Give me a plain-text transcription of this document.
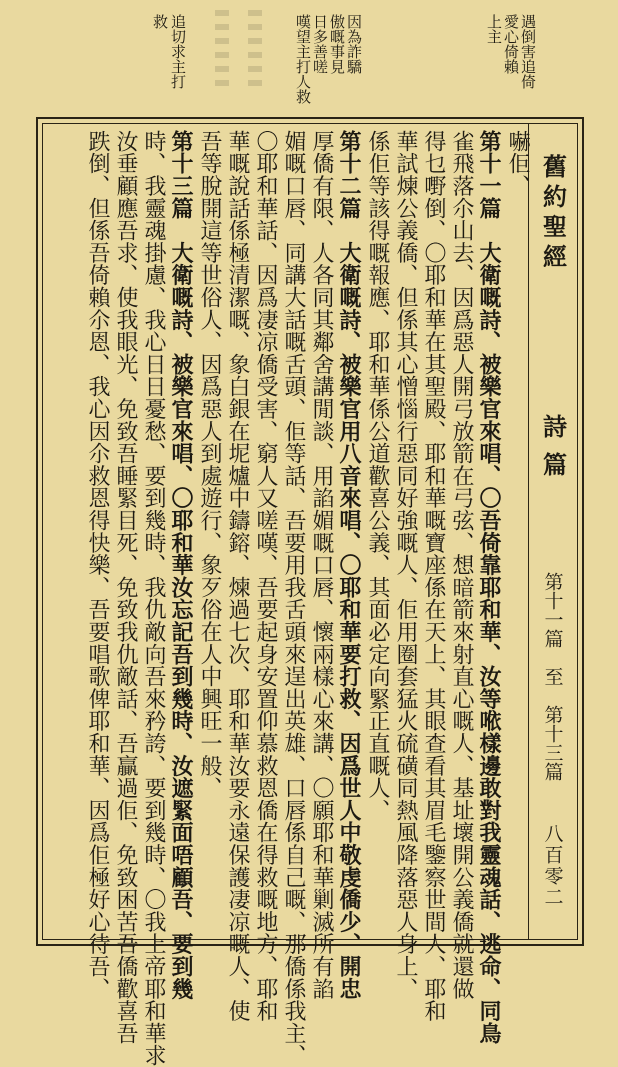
遇倒害追倚
愛心倚賴
上主
因為詐驕
傲嘅事見
日多善嗟
嘆望主打人救
追切求主打
救
舊約聖經
詩篇
第十一篇　至　第十三篇
八百零二
嚇佢、
第十一篇　大衛嘅詩、被樂官來唱、〇吾倚靠耶和華、汝等𠵱樣邊敢對我靈魂話、逃命、同鳥
雀飛落尒山去、因爲惡人開弓放箭在弓弦、想暗箭來射直心嘅人、基址壞開公義僑就還做
得乜嘢倒、〇耶和華在其聖殿、耶和華嘅寶座係在天上、其眼查看其眉毛鑒察世間人、耶和
華試煉公義僑、但係其心憎惱行惡同好強嘅人、佢用圈套猛火硫磺同熱風降落惡人身上、
係佢等該得嘅報應、耶和華係公道歡喜公義、其面必定向緊正直嘅人、
第十二篇　大衛嘅詩、被樂官用八音來唱、〇耶和華要打救、因爲世人中敬虔僑少、開忠
厚僑有限、人各同其鄰舍講閒談、用諂媚嘅口唇、懷兩樣心來講、〇願耶和華剿滅所有諂
媚嘅口唇、同講大話嘅舌頭、佢等話、吾要用我舌頭來逞出英雄、口唇係自己嘅、那僑係我主、
〇耶和華話、因爲凄凉僑受害、窮人又嗟嘆、吾要起身安置仰慕救恩僑在得救嘅地方、耶和
華嘅說話係極清潔嘅、象白銀在坭爐中鑄鎔、煉過七次、耶和華汝要永遠保護凄凉嘅人、使
吾等脫開這等世俗人、因爲惡人到處遊行、象歹俗在人中興旺一般、
第十三篇　大衛嘅詩、被樂官來唱、〇耶和華汝忘記吾到幾時、汝遮緊面唔顧吾、要到幾
時、我靈魂掛慮、我心日日憂愁、要到幾時、我仇敵向吾來矜誇、要到幾時、〇我上帝耶和華求
汝垂顧應吾求、使我眼光、免致吾睡緊目死、免致我仇敵話、吾贏過佢、免致困苦吾僑歡喜吾
跌倒、但係吾倚賴尒恩、我心因尒救恩得快樂、吾要唱歌俾耶和華、因爲佢極好心待吾、
